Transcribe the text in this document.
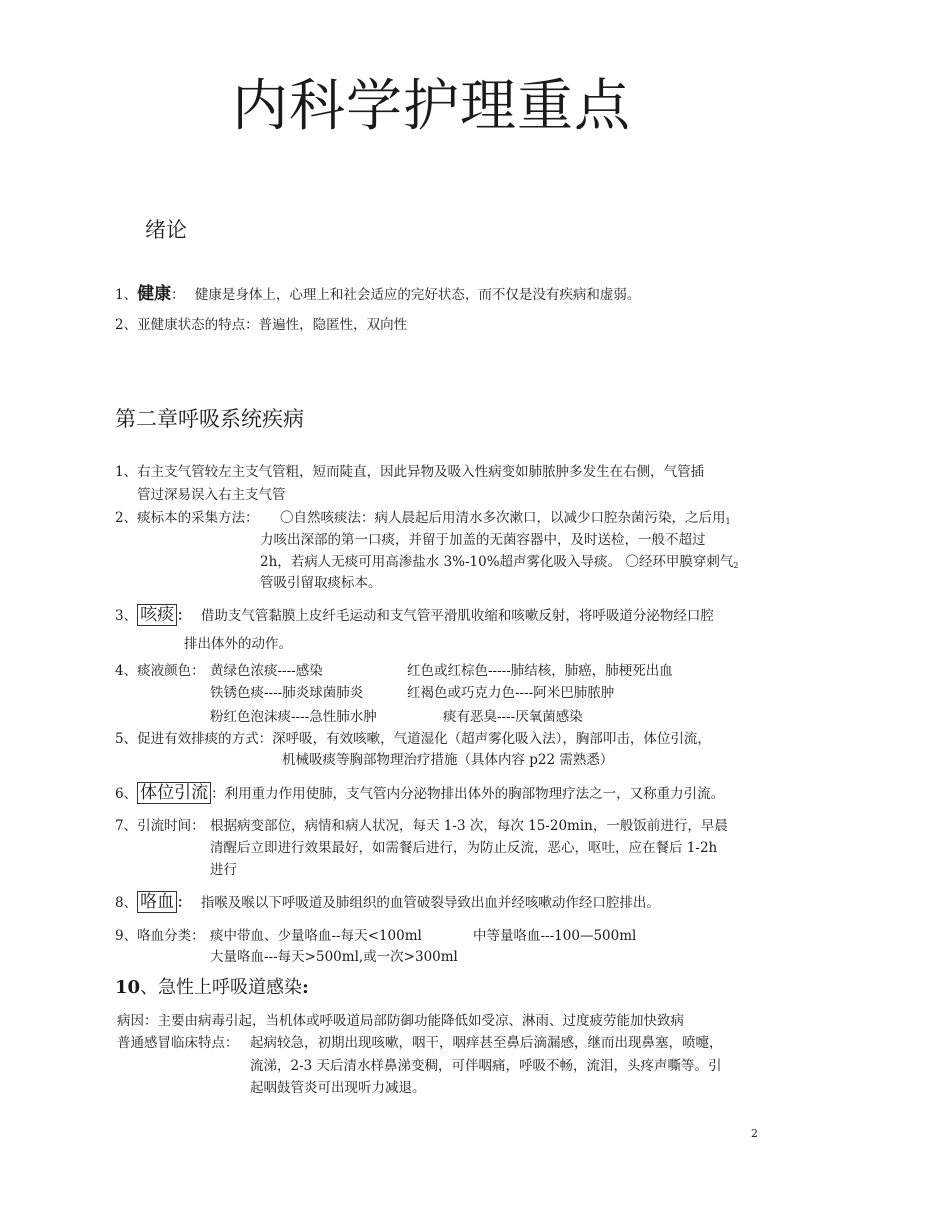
内科学护理重点
绪论
1、健康： 健康是身体上，心理上和社会适应的完好状态，而不仅是没有疾病和虚弱。
2、亚健康状态的特点：普遍性，隐匿性，双向性
第二章呼吸系统疾病
1、右主支气管较左主支气管粗，短而陡直，因此异物及吸入性病变如肺脓肿多发生在右侧，气管插
管过深易误入右主支气管
2、痰标本的采集方法： 〇自然咳痰法：病人晨起后用清水多次漱口，以减少口腔杂菌污染，之后用$_1$
力咳出深部的第一口痰，并留于加盖的无菌容器中，及时送检，一般不超过
2h，若病人无痰可用高渗盐水 3%-10%超声雾化吸入导痰。 〇经环甲膜穿刺气$_2$
管吸引留取痰标本。
3、 咳痰 ： 借助支气管黏膜上皮纤毛运动和支气管平滑肌收缩和咳嗽反射，将呼吸道分泌物经口腔
排出体外的动作。
4、痰液颜色： 黄绿色浓痰----感染	红色或红棕色-----肺结核，肺癌，肺梗死出血
铁锈色痰----肺炎球菌肺炎	红褐色或巧克力色----阿米巴肺脓肿
粉红色泡沫痰----急性肺水肿	痰有恶臭----厌氧菌感染
5、促进有效排痰的方式：深呼吸，有效咳嗽，气道湿化（超声雾化吸入法），胸部叩击，体位引流，
机械吸痰等胸部物理治疗措施（具体内容 p22 需熟悉）
6、 体位引流 ：利用重力作用使肺，支气管内分泌物排出体外的胸部物理疗法之一，又称重力引流。
7、引流时间： 根据病变部位，病情和病人状况，每天 1-3 次，每次 15-20min，一般饭前进行，早晨
清醒后立即进行效果最好，如需餐后进行，为防止反流，恶心，呕吐，应在餐后 1-2h
进行
8、 咯血 ： 指喉及喉以下呼吸道及肺组织的血管破裂导致出血并经咳嗽动作经口腔排出。
9、咯血分类： 痰中带血、少量咯血--每天<100ml	中等量咯血---100—500ml
大量咯血---每天>500ml,或一次>300ml
10、急性上呼吸道感染:
病因：主要由病毒引起，当机体或呼吸道局部防御功能降低如受凉、淋雨、过度疲劳能加快致病
普通感冒临床特点： 起病较急，初期出现咳嗽，咽干，咽痒甚至鼻后滴漏感，继而出现鼻塞，喷嚏，
流涕，2-3 天后清水样鼻涕变稠，可伴咽痛，呼吸不畅，流泪，头疼声嘶等。引
起咽鼓管炎可出现听力减退。
2
